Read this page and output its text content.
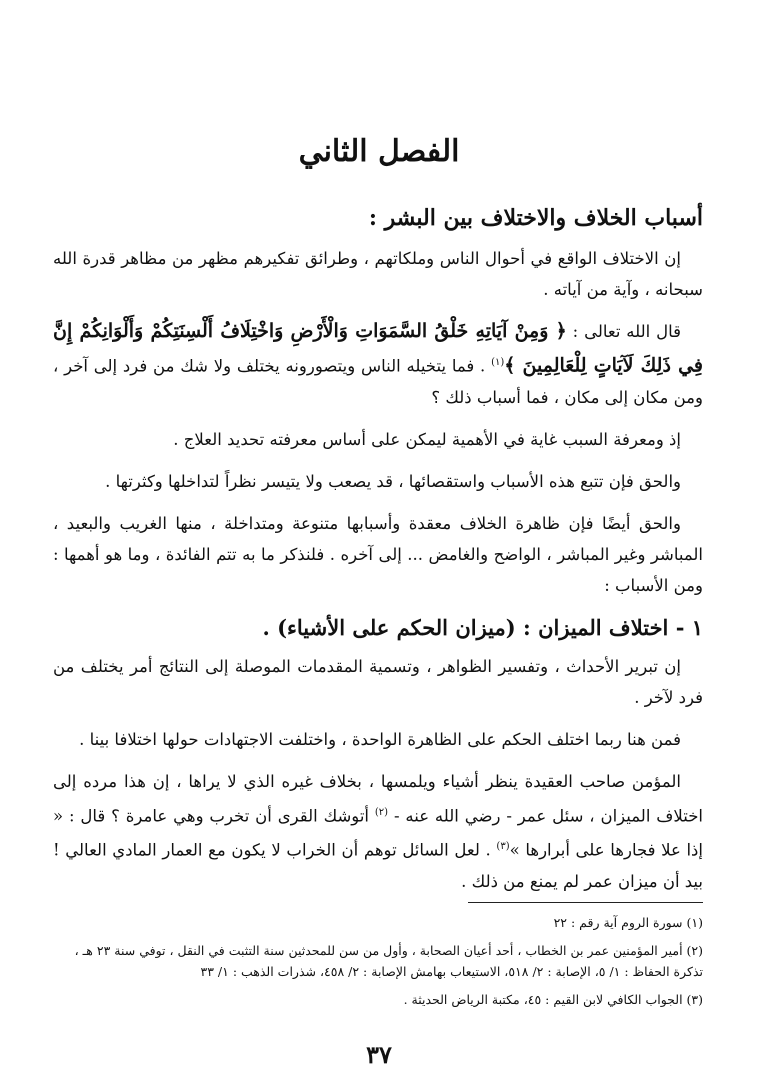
الفصل الثاني
أسباب الخلاف والاختلاف بين البشر :

إن الاختلاف الواقع في أحوال الناس وملكاتهم ، وطرائق تفكيرهم مظهر من مظاهر قدرة الله سبحانه ، وآية من آياته .

قال الله تعالى : ﴿ وَمِنْ آيَاتِهِ خَلْقُ السَّمَوَاتِ وَالْأَرْضِ وَاخْتِلَافُ أَلْسِنَتِكُمْ وَأَلْوَانِكُمْ إِنَّ فِي ذَلِكَ لَآيَاتٍ لِلْعَالِمِينَ ﴾$^{(١)}$ . فما يتخيله الناس ويتصورونه يختلف ولا شك من فرد إلى آخر ، ومن مكان إلى مكان ، فما أسباب ذلك ؟

إذ ومعرفة السبب غاية في الأهمية ليمكن على أساس معرفته تحديد العلاج .

والحق فإن تتبع هذه الأسباب واستقصائها ، قد يصعب ولا يتيسر نظراً لتداخلها وكثرتها .

والحق أيضًا فإن ظاهرة الخلاف معقدة وأسبابها متنوعة ومتداخلة ، منها الغريب والبعيد ، المباشر وغير المباشر ، الواضح والغامض ... إلى آخره . فلنذكر ما به تتم الفائدة ، وما هو أهمها : ومن الأسباب :

١ - اختلاف الميزان : (ميزان الحكم على الأشياء) .

إن تبرير الأحداث ، وتفسير الظواهر ، وتسمية المقدمات الموصلة إلى النتائج أمر يختلف من فرد لآخر .

فمن هنا ربما اختلف الحكم على الظاهرة الواحدة ، واختلفت الاجتهادات حولها اختلافا بينا .

المؤمن صاحب العقيدة ينظر أشياء ويلمسها ، بخلاف غيره الذي لا يراها ، إن هذا مرده إلى اختلاف الميزان ، سئل عمر - رضي الله عنه - $^{(٢)}$ أتوشك القرى أن تخرب وهي عامرة ؟ قال : « إذا علا فجارها على أبرارها »$^{(٣)}$ . لعل السائل توهم أن الخراب لا يكون مع العمار المادي العالي ! بيد أن ميزان عمر لم يمنع من ذلك .

(١) سورة الروم آية رقم : ٢٢

(٢) أمير المؤمنين عمر بن الخطاب ، أحد أعيان الصحابة ، وأول من سن للمحدثين سنة التثبت في النقل ، توفي سنة ٢٣ هـ ، تذكرة الحفاظ : ١/ ٥، الإصابة : ٢/ ٥١٨، الاستيعاب بهامش الإصابة : ٢/ ٤٥٨، شذرات الذهب : ١/ ٣٣

(٣) الجواب الكافي لابن القيم : ٤٥، مكتبة الرياض الحديثة .

٣٧
